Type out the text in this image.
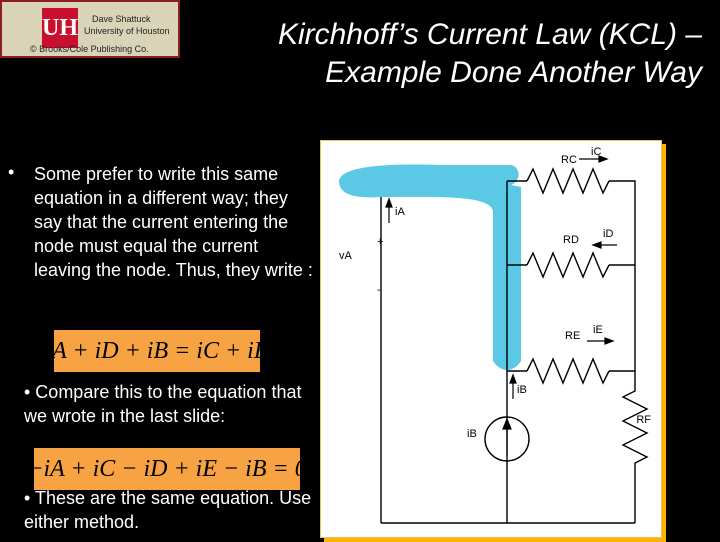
UH Dave Shattuck
University of Houston
© Brooks/Cole Publishing Co.	Kirchhoff’s Current Law (KCL) –
Example Done Another Way
• Some prefer to write this same equation in a different way; they say that the current entering the node must equal the current leaving the node. Thus, they write :
iA + iD + iB = iC + iE
• Compare this to the equation that we wrote in the last slide:
−iA + iC − iD + iE − iB = 0
• These are the same equation. Use either method.
iC
RC
iA
vA
+
-
RD iD
iE
RE
iB
iB
RF
